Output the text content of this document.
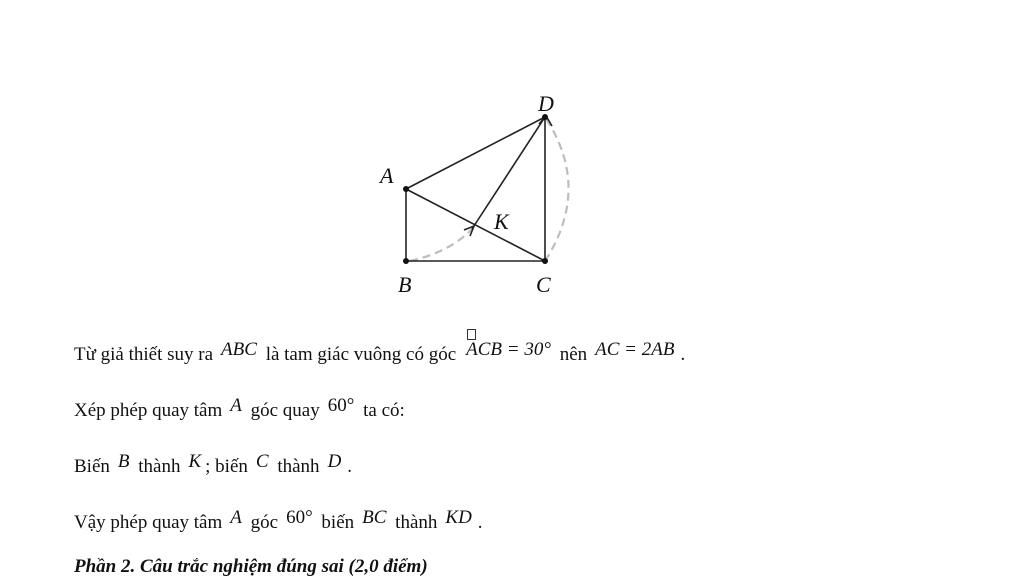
D
A
K
B	C
Từ giả thiết suy ra ABC là tam giác vuông có góc ACB = 30° nên AC = 2AB .
Xép phép quay tâm A góc quay 60° ta có:
Biến B thành K ; biến C thành D .
Vậy phép quay tâm A góc 60° biến BC thành KD .
Phần 2. Câu trắc nghiệm đúng sai (2,0 điểm)
